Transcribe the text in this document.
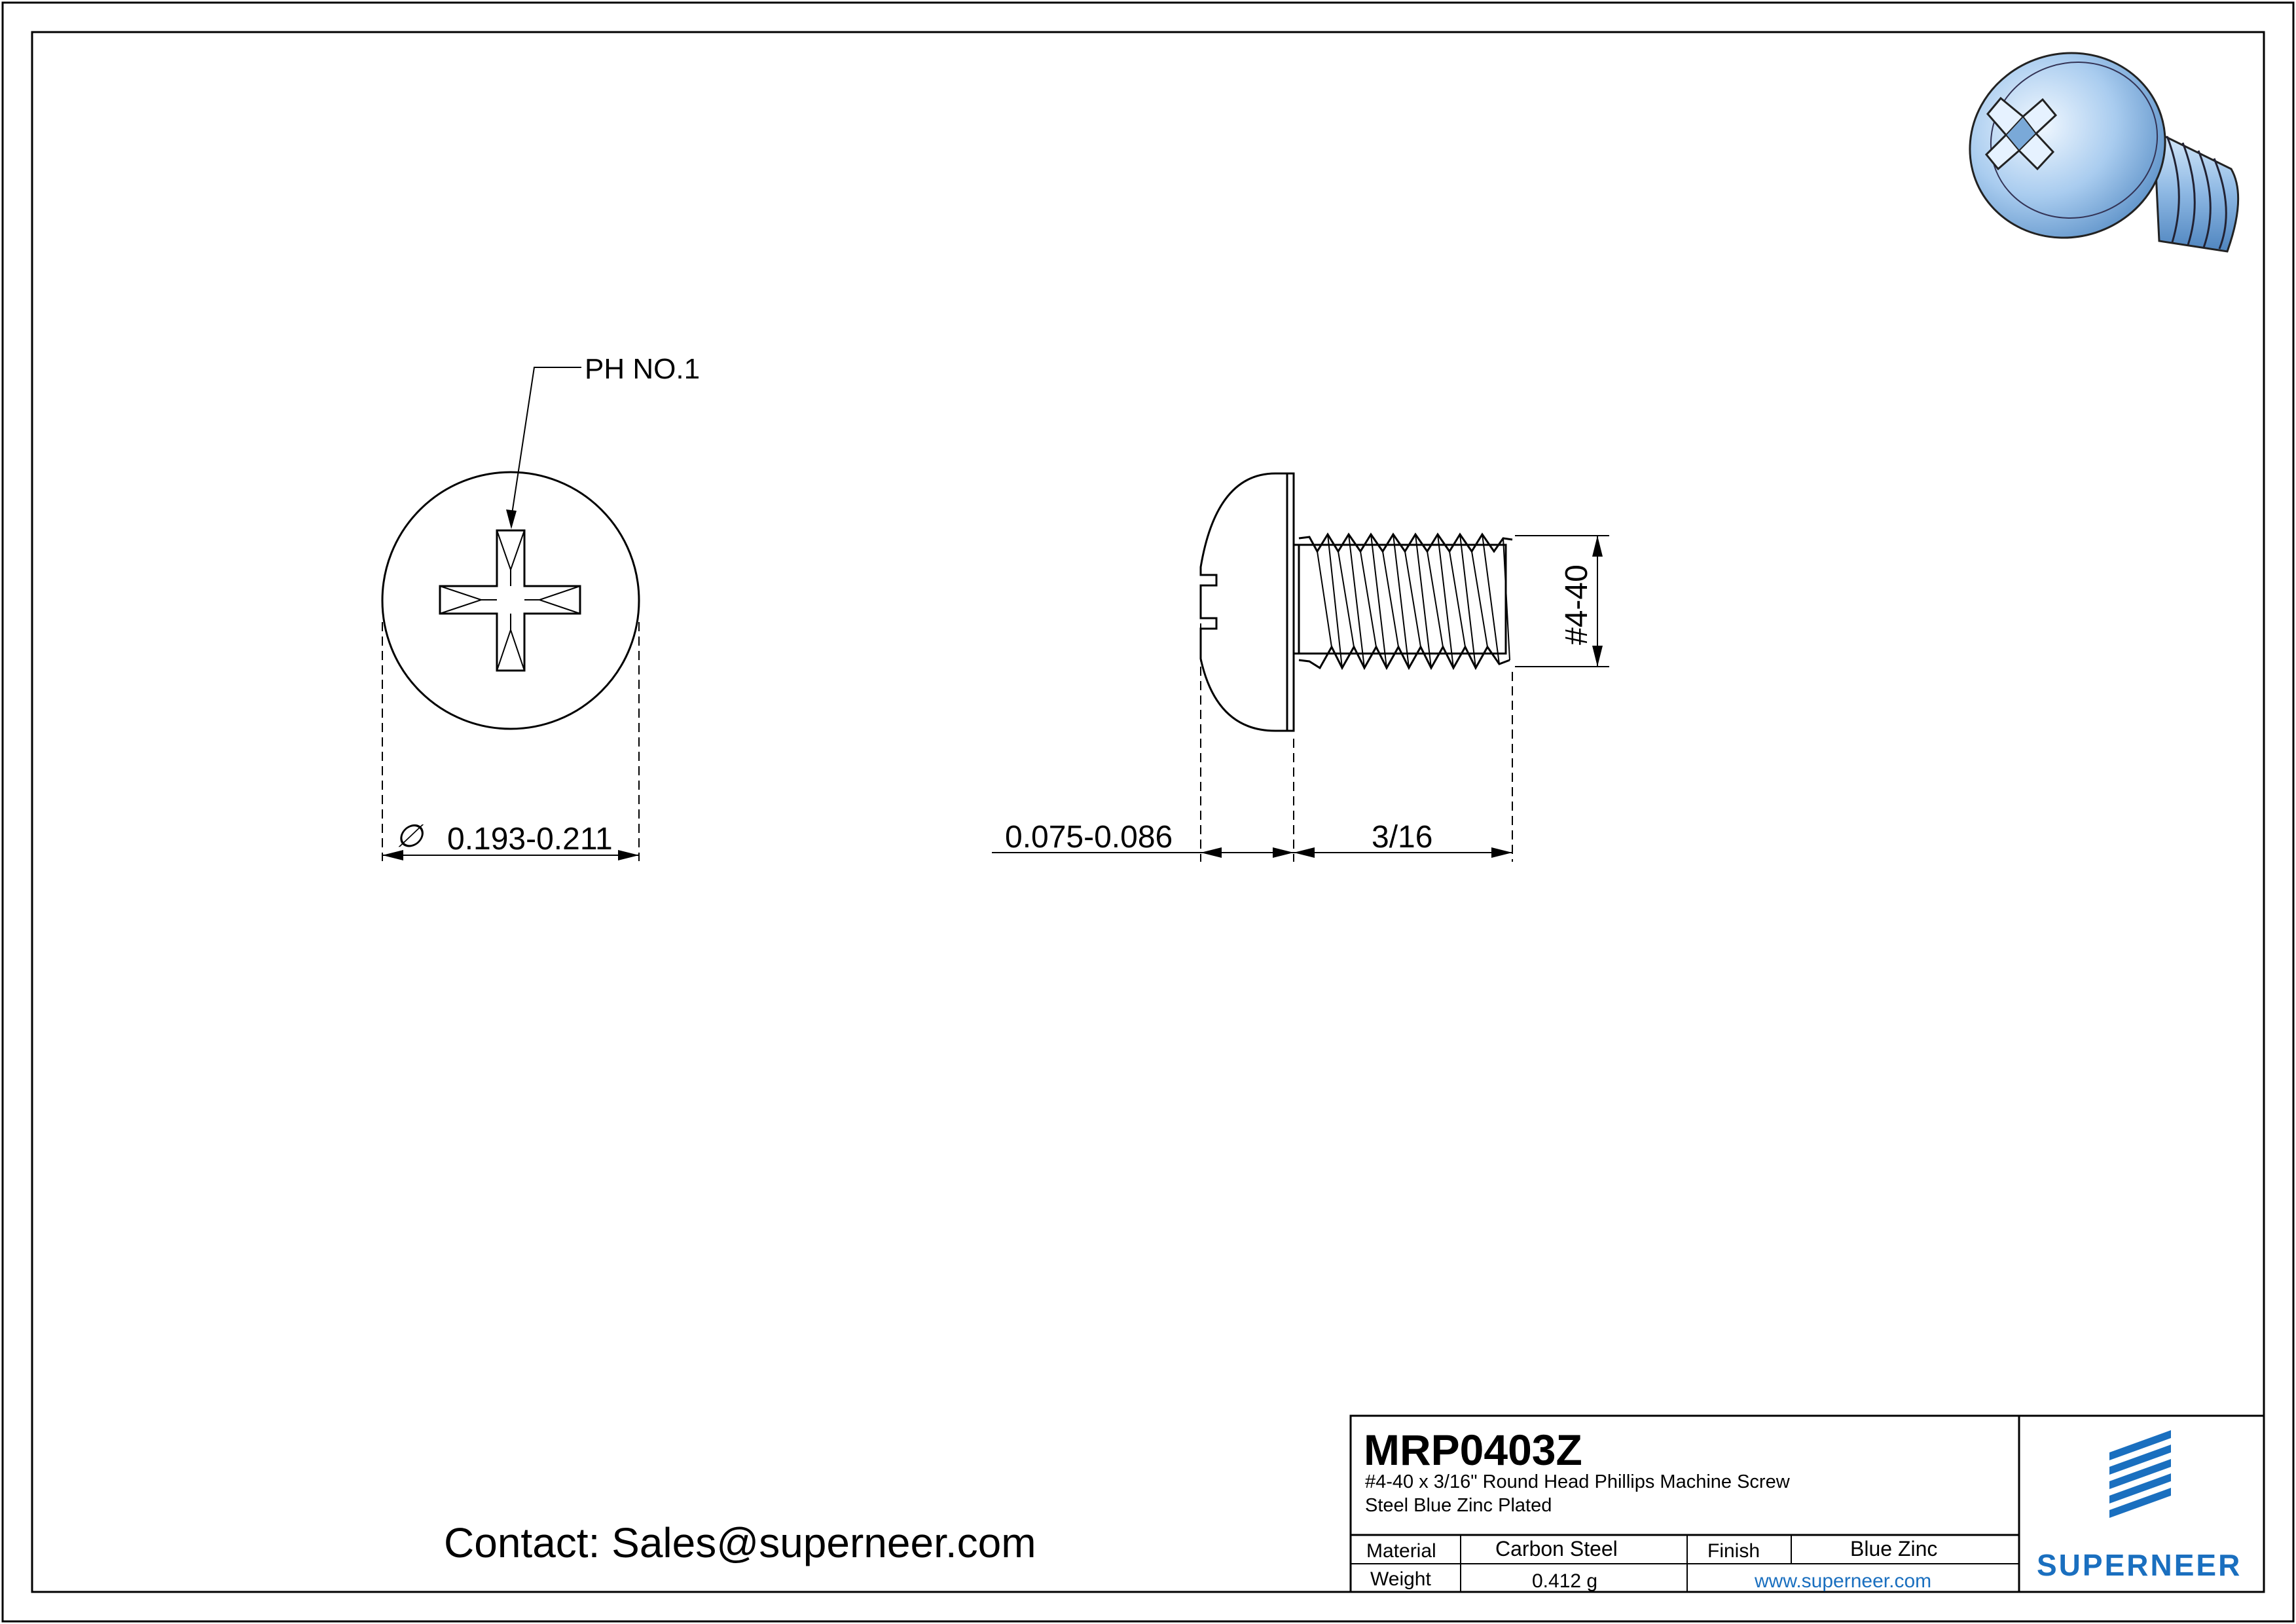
PH NO.1
∅ 0.193-0.211
#4-40
0.075-0.086	3/16
Contact: Sales@superneer.com
MRP0403Z
#4-40 x 3/16" Round Head Phillips Machine Screw
Steel Blue Zinc Plated
Material	Carbon Steel	Finish	Blue Zinc
Weight	0.412 g	www.superneer.com	SUPERNEER
